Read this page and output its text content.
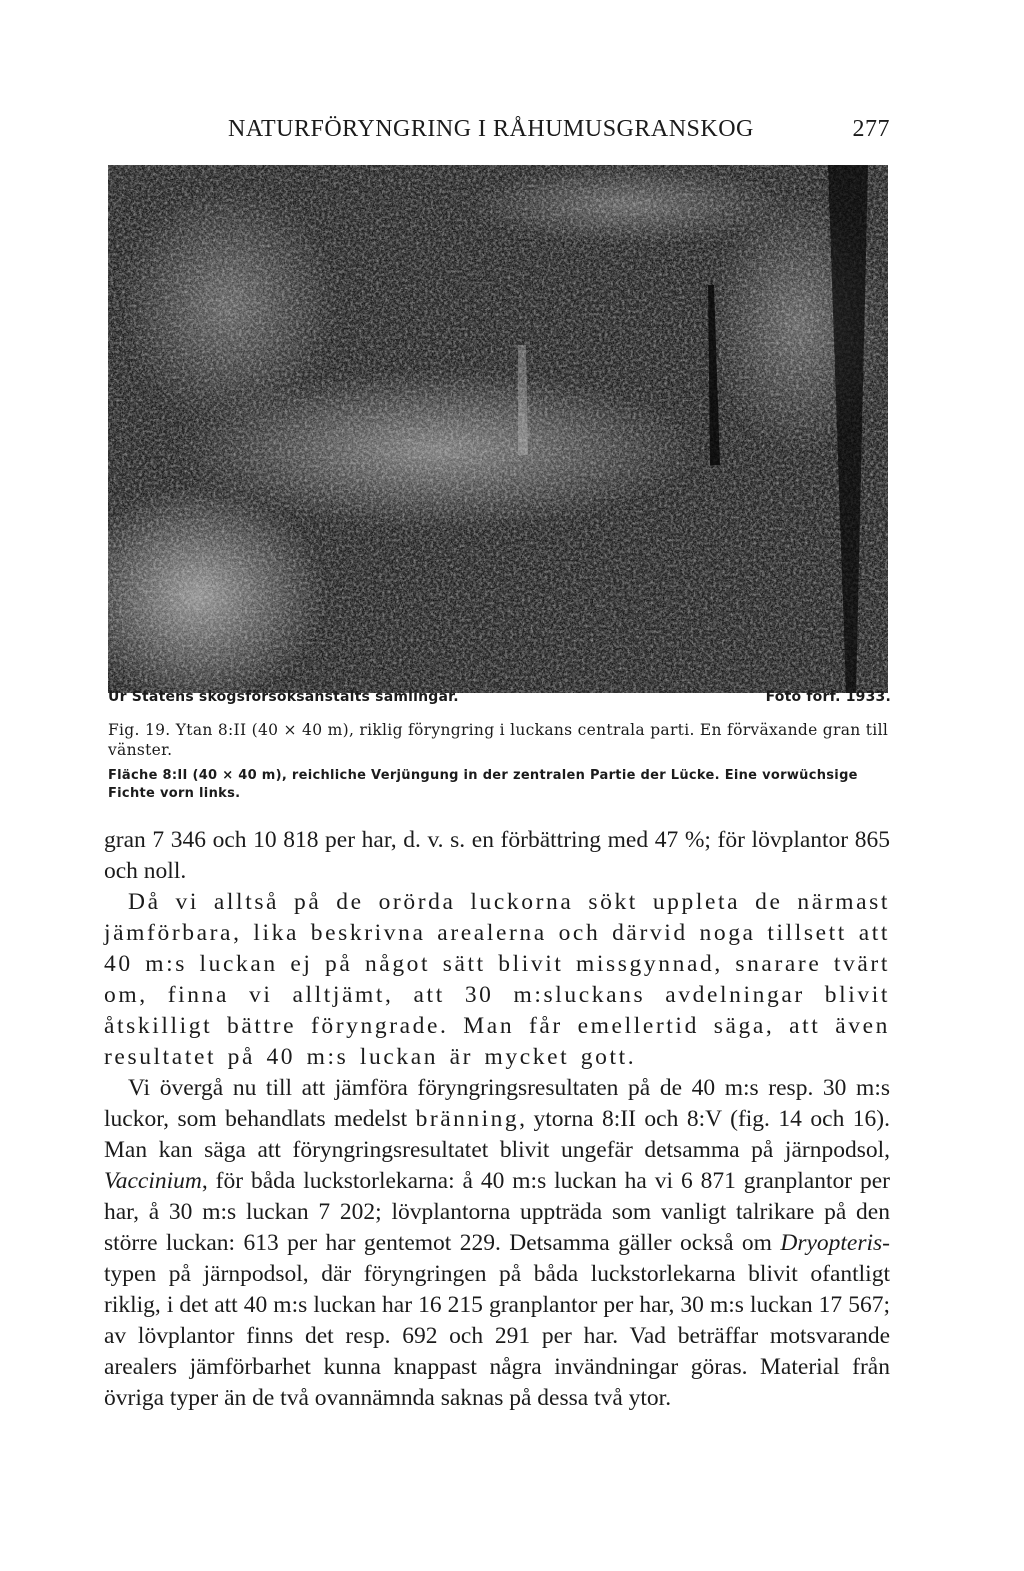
NATURFÖRYNGRING I RÅHUMUSGRANSKOG	277
Ur Statens skogsförsöksanstalts samlingar.	Foto förf. 1933.
Fig. 19. Ytan 8:II (40 × 40 m), riklig föryngring i luckans centrala parti. En förväxande gran till vänster.
Fläche 8:II (40 × 40 m), reichliche Verjüngung in der zentralen Partie der Lücke. Eine vorwüchsige Fichte vorn links.

gran 7 346 och 10 818 per har, d. v. s. en förbättring med 47 %; för lövplantor 865 och noll.

Då vi alltså på de orörda luckorna sökt uppleta de närmast jämförbara, lika beskrivna arealerna och därvid noga tillsett att 40 m:s luckan ej på något sätt blivit missgynnad, snarare tvärt om, finna vi alltjämt, att 30 m:sluckans avdelningar blivit åtskilligt bättre föryngrade. Man får emellertid säga, att även resultatet på 40 m:s luckan är mycket gott.

Vi övergå nu till att jämföra föryngringsresultaten på de 40 m:s resp. 30 m:s luckor, som behandlats medelst bränning, ytorna 8:II och 8:V (fig. 14 och 16). Man kan säga att föryngringsresultatet blivit ungefär detsamma på järnpodsol, Vaccinium, för båda luckstorlekarna: å 40 m:s luckan ha vi 6 871 granplantor per har, å 30 m:s luckan 7 202; lövplantorna uppträda som vanligt talrikare på den större luckan: 613 per har gentemot 229. Detsamma gäller också om Dryopteris-typen på järnpodsol, där föryngringen på båda luckstorlekarna blivit ofantligt riklig, i det att 40 m:s luckan har 16 215 granplantor per har, 30 m:s luckan 17 567; av lövplantor finns det resp. 692 och 291 per har. Vad beträffar motsvarande arealers jämförbarhet kunna knappast några invändningar göras. Material från övriga typer än de två ovannämnda saknas på dessa två ytor.
